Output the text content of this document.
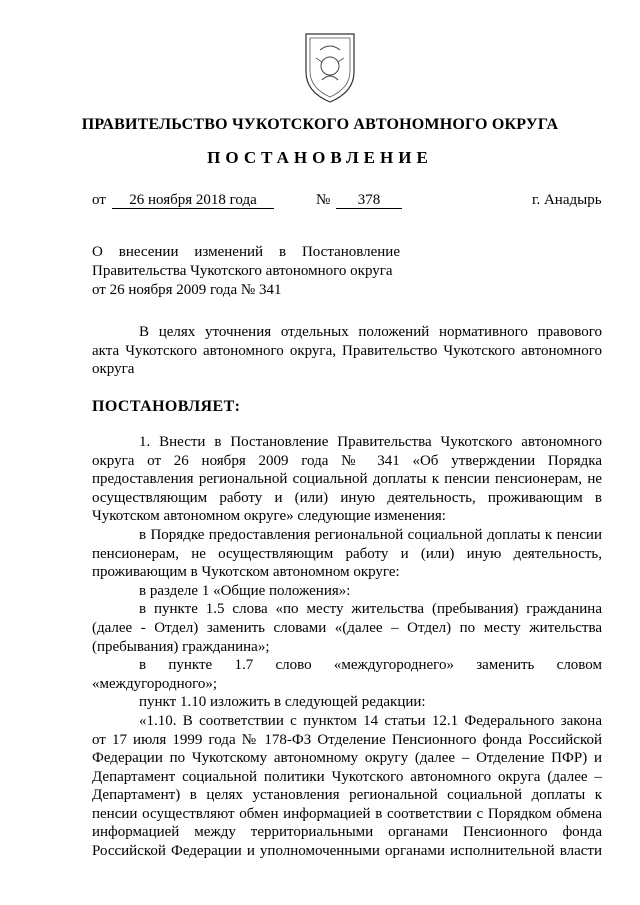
ПРАВИТЕЛЬСТВО ЧУКОТСКОГО АВТОНОМНОГО ОКРУГА
ПОСТАНОВЛЕНИЕ
от	26 ноября 2018 года	№	378	г. Анадырь
О внесении изменений в Постановление
Правительства Чукотского автономного округа
от 26 ноября 2009 года № 341
В целях уточнения отдельных положений нормативного правового
акта Чукотского автономного округа, Правительство Чукотского автономного
округа
ПОСТАНОВЛЯЕТ:
1. Внести в Постановление Правительства Чукотского автономного
округа от 26 ноября 2009 года № 341 «Об утверждении Порядка
предоставления региональной социальной доплаты к пенсии пенсионерам, не
осуществляющим работу и (или) иную деятельность, проживающим в
Чукотском автономном округе» следующие изменения:
в Порядке предоставления региональной социальной доплаты к пенсии
пенсионерам, не осуществляющим работу и (или) иную деятельность,
проживающим в Чукотском автономном округе:
в разделе 1 «Общие положения»:
в пункте 1.5 слова «по месту жительства (пребывания) гражданина
(далее - Отдел) заменить словами «(далее – Отдел) по месту жительства
(пребывания) гражданина»;
в пункте 1.7 слово «междугороднего» заменить словом
«междугородного»;
пункт 1.10 изложить в следующей редакции:
«1.10. В соответствии с пунктом 14 статьи 12.1 Федерального закона
от 17 июля 1999 года № 178-ФЗ Отделение Пенсионного фонда Российской
Федерации по Чукотскому автономному округу (далее – Отделение ПФР) и
Департамент социальной политики Чукотского автономного округа (далее –
Департамент) в целях установления региональной социальной доплаты к
пенсии осуществляют обмен информацией в соответствии с Порядком обмена
информацией между территориальными органами Пенсионного фонда
Российской Федерации и уполномоченными органами исполнительной власти
